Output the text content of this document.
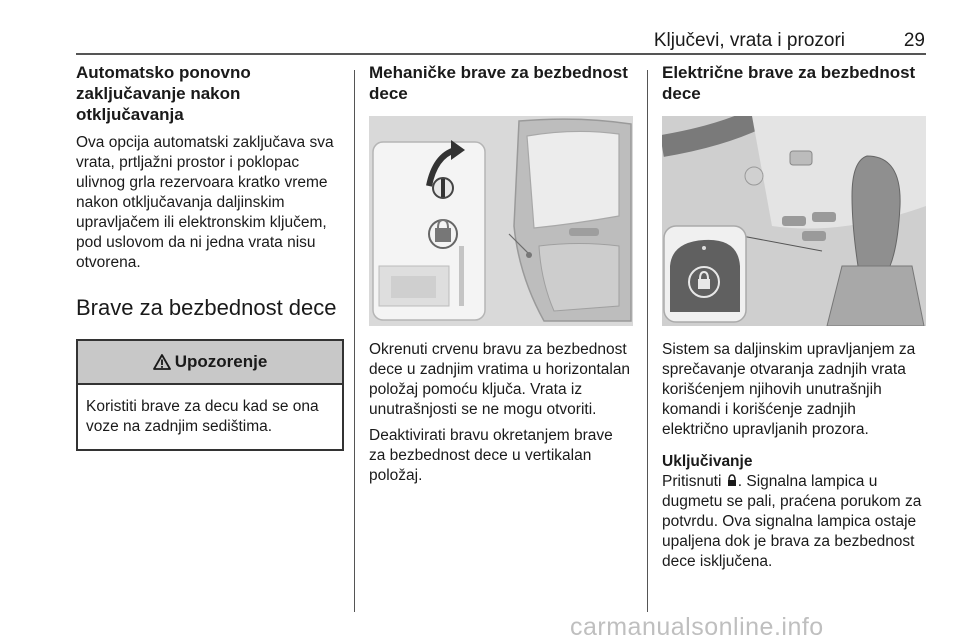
Ključevi, vrata i prozori	29
Automatsko ponovno zaključavanje nakon otključavanja

Ova opcija automatski zaključava sva vrata, prtljažni prostor i poklopac ulivnog grla rezervoara kratko vreme nakon otključavanja daljinskim upravljačem ili elektronskim ključem, pod uslovom da ni jedna vrata nisu otvorena.

Brave za bezbednost dece
Upozorenje

Koristiti brave za decu kad se ona voze na zadnjim sedištima.

Mehaničke brave za bezbednost dece

Okrenuti crvenu bravu za bezbednost dece u zadnjim vratima u horizontalan položaj pomoću ključa. Vrata iz unutrašnjosti se ne mogu otvoriti.

Deaktivirati bravu okretanjem brave za bezbednost dece u vertikalan položaj.

Električne brave za bezbednost dece

Sistem sa daljinskim upravljanjem za sprečavanje otvaranja zadnjih vrata korišćenjem njihovih unutrašnjih komandi i korišćenje zadnjih električno upravljanih prozora.

Uključivanje

Pritisnuti . Signalna lampica u dugmetu se pali, praćena porukom za potvrdu. Ova signalna lampica ostaje upaljena dok je brava za bezbednost dece isključena.

carmanualsonline.info
